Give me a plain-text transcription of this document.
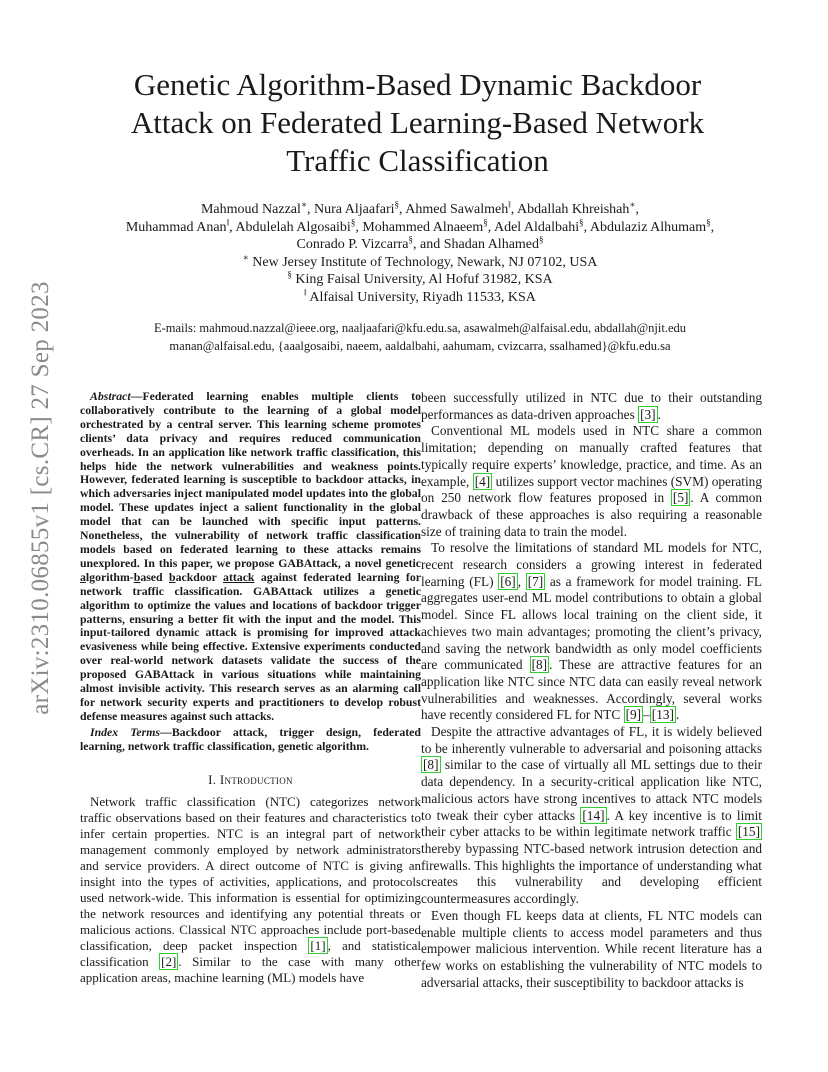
arXiv:2310.06855v1 [cs.CR] 27 Sep 2023
Genetic Algorithm-Based Dynamic Backdoor
Attack on Federated Learning-Based Network
Traffic Classification
Mahmoud Nazzal∗, Nura Aljaafari§, Ahmed Sawalmeh‖, Abdallah Khreishah∗,
Muhammad Anan‖, Abdulelah Algosaibi§, Mohammed Alnaeem§, Adel Aldalbahi§, Abdulaziz Alhumam§,
Conrado P. Vizcarra§, and Shadan Alhamed§
∗ New Jersey Institute of Technology, Newark, NJ 07102, USA
§ King Faisal University, Al Hofuf 31982, KSA
‖ Alfaisal University, Riyadh 11533, KSA
E-mails: mahmoud.nazzal@ieee.org, naaljaafari@kfu.edu.sa, asawalmeh@alfaisal.edu, abdallah@njit.edu
manan@alfaisal.edu, {aaalgosaibi, naeem, aaldalbahi, aahumam, cvizcarra, ssalhamed}@kfu.edu.sa

Abstract—Federated learning enables multiple clients to collaboratively contribute to the learning of a global model orchestrated by a central server. This learning scheme promotes clients’ data privacy and requires reduced communication overheads. In an application like network traffic classification, this helps hide the network vulnerabilities and weakness points. However, federated learning is susceptible to backdoor attacks, in which adversaries inject manipulated model updates into the global model. These updates inject a salient functionality in the global model that can be launched with specific input patterns. Nonetheless, the vulnerability of network traffic classification models based on federated learning to these attacks remains unexplored. In this paper, we propose GABAttack, a novel genetic algorithm-based backdoor attack against federated learning for network traffic classification. GABAttack utilizes a genetic algorithm to optimize the values and locations of backdoor trigger patterns, ensuring a better fit with the input and the model. This input-tailored dynamic attack is promising for improved attack evasiveness while being effective. Extensive experiments conducted over real-world network datasets validate the success of the proposed GABAttack in various situations while maintaining almost invisible activity. This research serves as an alarming call for network security experts and practitioners to develop robust defense measures against such attacks.

Index Terms—Backdoor attack, trigger design, federated learning, network traffic classification, genetic algorithm.

I. Introduction

Network traffic classification (NTC) categorizes network traffic observations based on their features and characteristics to infer certain properties. NTC is an integral part of network management commonly employed by network administrators and service providers. A direct outcome of NTC is giving an insight into the types of activities, applications, and protocols used network-wide. This information is essential for optimizing the network resources and identifying any potential threats or malicious actions. Classical NTC approaches include port-based classification, deep packet inspection [1] , and statistical classification [2] . Similar to the case with many other application areas, machine learning (ML) models have

been successfully utilized in NTC due to their outstanding performances as data-driven approaches [3] .

Conventional ML models used in NTC share a common limitation; depending on manually crafted features that typically require experts’ knowledge, practice, and time. As an example, [4] utilizes support vector machines (SVM) operating on 250 network flow features proposed in [5] . A common drawback of these approaches is also requiring a reasonable size of training data to train the model.

To resolve the limitations of standard ML models for NTC, recent research considers a growing interest in federated learning (FL) [6] , [7] as a framework for model training. FL aggregates user-end ML model contributions to obtain a global model. Since FL allows local training on the client side, it achieves two main advantages; promoting the client’s privacy, and saving the network bandwidth as only model coefficients are communicated [8] . These are attractive features for an application like NTC since NTC data can easily reveal network vulnerabilities and weaknesses. Accordingly, several works have recently considered FL for NTC [9] – [13] .

Despite the attractive advantages of FL, it is widely believed to be inherently vulnerable to adversarial and poisoning attacks [8] similar to the case of virtually all ML settings due to their data dependency. In a security-critical application like NTC, malicious actors have strong incentives to attack NTC models to tweak their cyber attacks [14] . A key incentive is to limit their cyber attacks to be within legitimate network traffic [15] thereby bypassing NTC-based network intrusion detection and firewalls. This highlights the importance of understanding what creates this vulnerability and developing efficient countermeasures accordingly.

Even though FL keeps data at clients, FL NTC models can enable multiple clients to access model parameters and thus empower malicious intervention. While recent literature has a few works on establishing the vulnerability of NTC models to adversarial attacks, their susceptibility to backdoor attacks is
